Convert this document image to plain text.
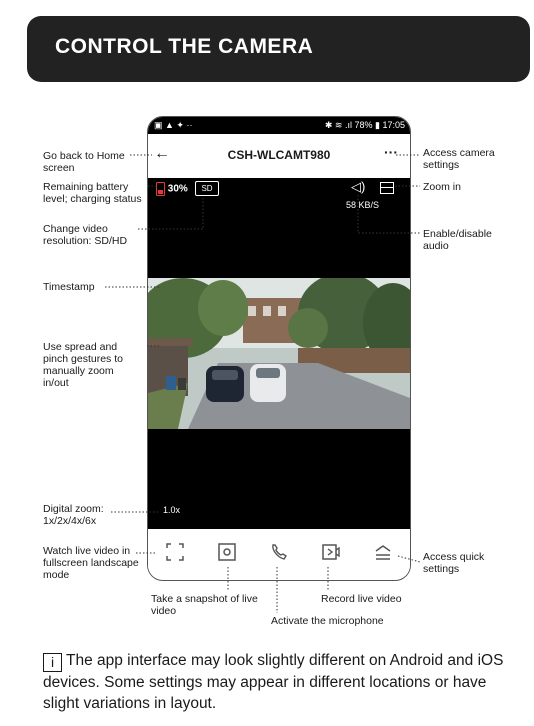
CONTROL THE CAMERA
▣ ▲ ✦ ··	✱ ≋ .ıl 78% ▮ 17:05
←	CSH-WLCAMT980	···
30%	SD	◁)
58 KB/S
1.0x
Go back to Home screen
Remaining battery level; charging status
Change video resolution: SD/HD
Timestamp
Use spread and pinch gestures to manually zoom in/out
Digital zoom: 1x/2x/4x/6x
Watch live video in fullscreen landscape mode
Access camera settings
Zoom in
Enable/disable audio
Access quick settings
Take a snapshot of live video
Activate the microphone
Record live video
i The app interface may look slightly different on Android and iOS devices. Some settings may appear in different locations or have slight variations in layout.
